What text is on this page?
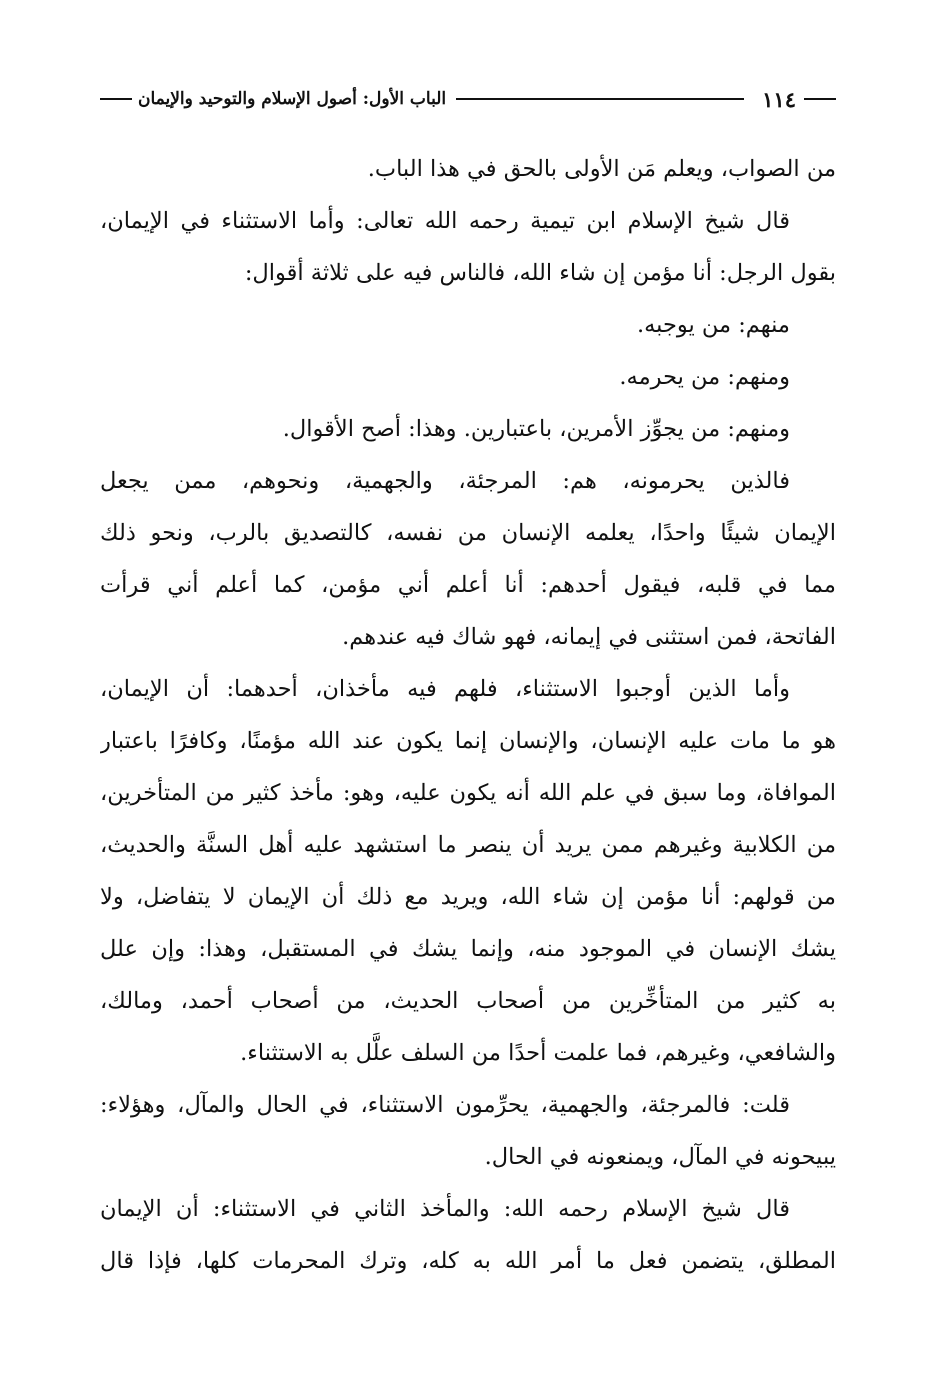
١١٤
الباب الأول: أصول الإسلام والتوحيد والإيمان
من الصواب، ويعلم مَن الأولى بالحق في هذا الباب.
قال شيخ الإسلام ابن تيمية رحمه الله تعالى: وأما الاستثناء في الإيمان،
بقول الرجل: أنا مؤمن إن شاء الله، فالناس فيه على ثلاثة أقوال:
منهم: من يوجبه.
ومنهم: من يحرمه.
ومنهم: من يجوِّز الأمرين، باعتبارين. وهذا: أصح الأقوال.
فالذين يحرمونه، هم: المرجئة، والجهمية، ونحوهم، ممن يجعل
الإيمان شيئًا واحدًا، يعلمه الإنسان من نفسه، كالتصديق بالرب، ونحو ذلك
مما في قلبه، فيقول أحدهم: أنا أعلم أني مؤمن، كما أعلم أني قرأت
الفاتحة، فمن استثنى في إيمانه، فهو شاك فيه عندهم.
وأما الذين أوجبوا الاستثناء، فلهم فيه مأخذان، أحدهما: أن الإيمان،
هو ما مات عليه الإنسان، والإنسان إنما يكون عند الله مؤمنًا، وكافرًا باعتبار
الموافاة، وما سبق في علم الله أنه يكون عليه، وهو: مأخذ كثير من المتأخرين،
من الكلابية وغيرهم ممن يريد أن ينصر ما استشهد عليه أهل السنَّة والحديث،
من قولهم: أنا مؤمن إن شاء الله، ويريد مع ذلك أن الإيمان لا يتفاضل، ولا
يشك الإنسان في الموجود منه، وإنما يشك في المستقبل، وهذا: وإن علل
به كثير من المتأخِّرين من أصحاب الحديث، من أصحاب أحمد، ومالك،
والشافعي، وغيرهم، فما علمت أحدًا من السلف علَّل به الاستثناء.
قلت: فالمرجئة، والجهمية، يحرِّمون الاستثناء، في الحال والمآل، وهؤلاء:
يبيحونه في المآل، ويمنعونه في الحال.
قال شيخ الإسلام رحمه الله: والمأخذ الثاني في الاستثناء: أن الإيمان
المطلق، يتضمن فعل ما أمر الله به كله، وترك المحرمات كلها، فإذا قال
